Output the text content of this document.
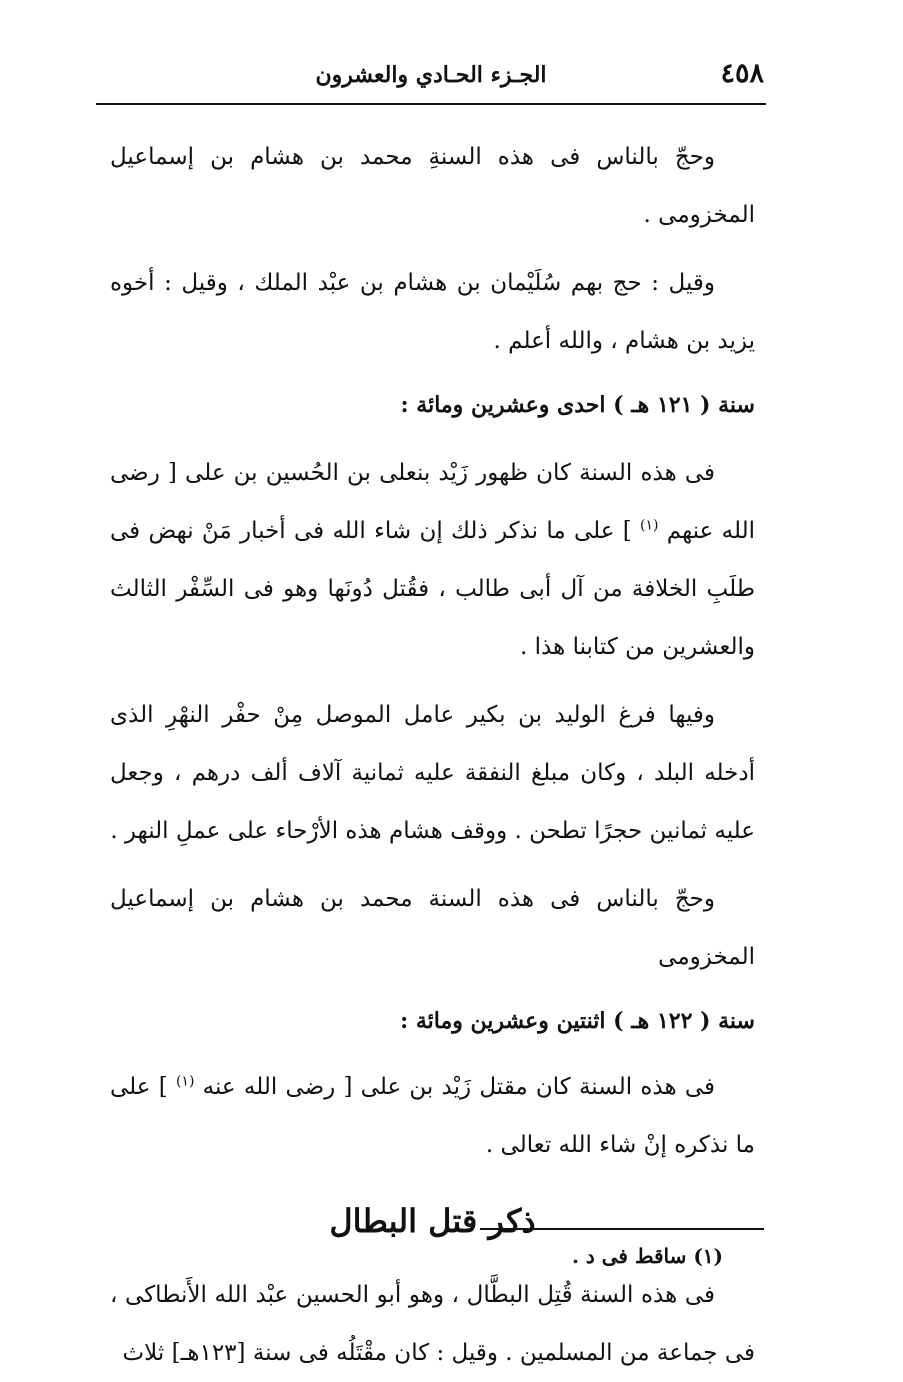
٤٥٨
الجـزء الحـادي والعشرون

وحجّ بالناس فى هذه السنةِ محمد بن هشام بن إسماعيل المخزومى .

وقيل : حج بهم سُلَيْمان بن هشام بن عبْد الملك ، وقيل : أخوه يزيد بن هشام ، والله أعلم .

سنة ( ١٢١ هـ ) احدى وعشرين ومائة :

فى هذه السنة كان ظهور زَيْد بنعلى بن الحُسين بن على [ رضى الله عنهم $^{(١)}$ ] على ما نذكر ذلك إن شاء الله فى أخبار مَنْ نهض فى طلَبِ الخلافة من آل أبى طالب ، فقُتل دُونَها وهو فى السِّفْر الثالث والعشرين من كتابنا هذا .

وفيها فرغ الوليد بن بكير عامل الموصل مِنْ حفْر النهْرِ الذى أدخله البلد ، وكان مبلغ النفقة عليه ثمانية آلاف ألف درهم ، وجعل عليه ثمانين حجرًا تطحن . ووقف هشام هذه الأرْحاء على عملِ النهر .

وحجّ بالناس فى هذه السنة محمد بن هشام بن إسماعيل المخزومى

سنة ( ١٢٢ هـ ) اثنتين وعشرين ومائة :

فى هذه السنة كان مقتل زَيْد بن على [ رضى الله عنه $^{(١)}$ ] على ما نذكره إنْ شاء الله تعالى .

ذكر قتل البطال

فى هذه السنة قُتِل البطَّال ، وهو أبو الحسين عبْد الله الأَنطاكى ، فى جماعة من المسلمين . وقيل : كان مقْتَلُه فى سنة [١٢٣هـ] ثلاث

(١) ساقط فى د .
